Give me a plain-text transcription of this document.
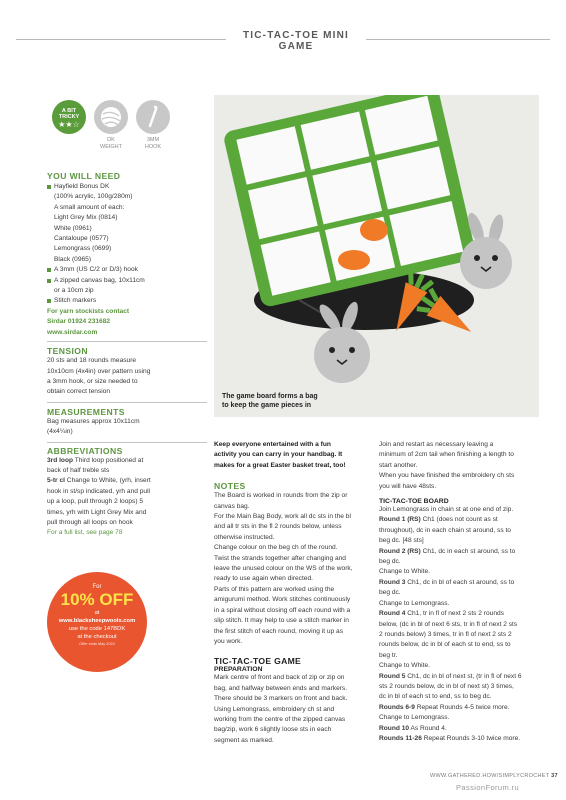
TIC-TAC-TOE MINI GAME
A BIT
TRICKY
★★☆
DK
WEIGHT
3MM
HOOK
YOU WILL NEED
Hayfield Bonus DK
(100% acrylic, 100g/280m)
A small amount of each:
Light Grey Mix (0814)
White (0961)
Cantaloupe (0577)
Lemongrass (0699)
Black (0965)
A 3mm (US C/2 or D/3) hook
A zipped canvas bag, 10x11cm
or a 10cm zip
Stitch markers
For yarn stockists contact
Sirdar 01924 231682
www.sirdar.com
TENSION
20 sts and 18 rounds measure
10x10cm (4x4in) over pattern using
a 3mm hook, or size needed to
obtain correct tension
MEASUREMENTS
Bag measures approx 10x11cm
(4x4¼in)
ABBREVIATIONS
3rd loop Third loop positioned at
back of half treble sts
5-tr cl Change to White, (yrh, insert
hook in st/sp indicated, yrh and pull
up a loop, pull through 2 loops) 5
times, yrh with Light Grey Mix and
pull through all loops on hook
For a full list, see page 78
For
10% OFF
at
www.blacksheepwools.com
use the code 147BDK
at the checkout
Offer ends May 2024
The game board forms a bag
to keep the game pieces in
Keep everyone entertained with a fun
activity you can carry in your handbag. It
makes for a great Easter basket treat, too!
NOTES
The Board is worked in rounds from the zip or
canvas bag.
For the Main Bag Body, work all dc sts in the bl
and all tr sts in the fl 2 rounds below, unless
otherwise instructed.
Change colour on the beg ch of the round.
Twist the strands together after changing and
leave the unused colour on the WS of the work,
ready to use again when directed.
Parts of this pattern are worked using the
amigurumi method. Work stitches continuously
in a spiral without closing off each round with a
slip stitch. It may help to use a stitch marker in
the first stitch of each round, moving it up as
you work.
TIC-TAC-TOE GAME
PREPARATION
Mark centre of front and back of zip or zip on
bag, and halfway between ends and markers.
There should be 3 markers on front and back.
Using Lemongrass, embroidery ch st and
working from the centre of the zipped canvas
bag/zip, work 6 slightly loose sts in each
segment as marked.
Join and restart as necessary leaving a
minimum of 2cm tail when finishing a length to
start another.
When you have finished the embroidery ch sts
you will have 48sts.
TIC-TAC-TOE BOARD
Join Lemongrass in chain st at one end of zip.
Round 1 (RS) Ch1 (does not count as st
throughout), dc in each chain st around, ss to
beg dc. [48 sts]
Round 2 (RS) Ch1, dc in each st around, ss to
beg dc.
Change to White.
Round 3 Ch1, dc in bl of each st around, ss to
beg dc.
Change to Lemongrass.
Round 4 Ch1, tr in fl of next 2 sts 2 rounds
below, (dc in bl of next 6 sts, tr in fl of next 2 sts
2 rounds below) 3 times, tr in fl of next 2 sts 2
rounds below, dc in bl of each st to end, ss to
beg tr.
Change to White.
Round 5 Ch1, dc in bl of next st, (tr in fl of next 6
sts 2 rounds below, dc in bl of next st) 3 times,
dc in bl of each st to end, ss to beg dc.
Rounds 6-9 Repeat Rounds 4-5 twice more.
Change to Lemongrass.
Round 10 As Round 4.
Rounds 11-26 Repeat Rounds 3-10 twice more.
WWW.GATHERED.HOW/SIMPLYCROCHET 37
PassionForum.ru
